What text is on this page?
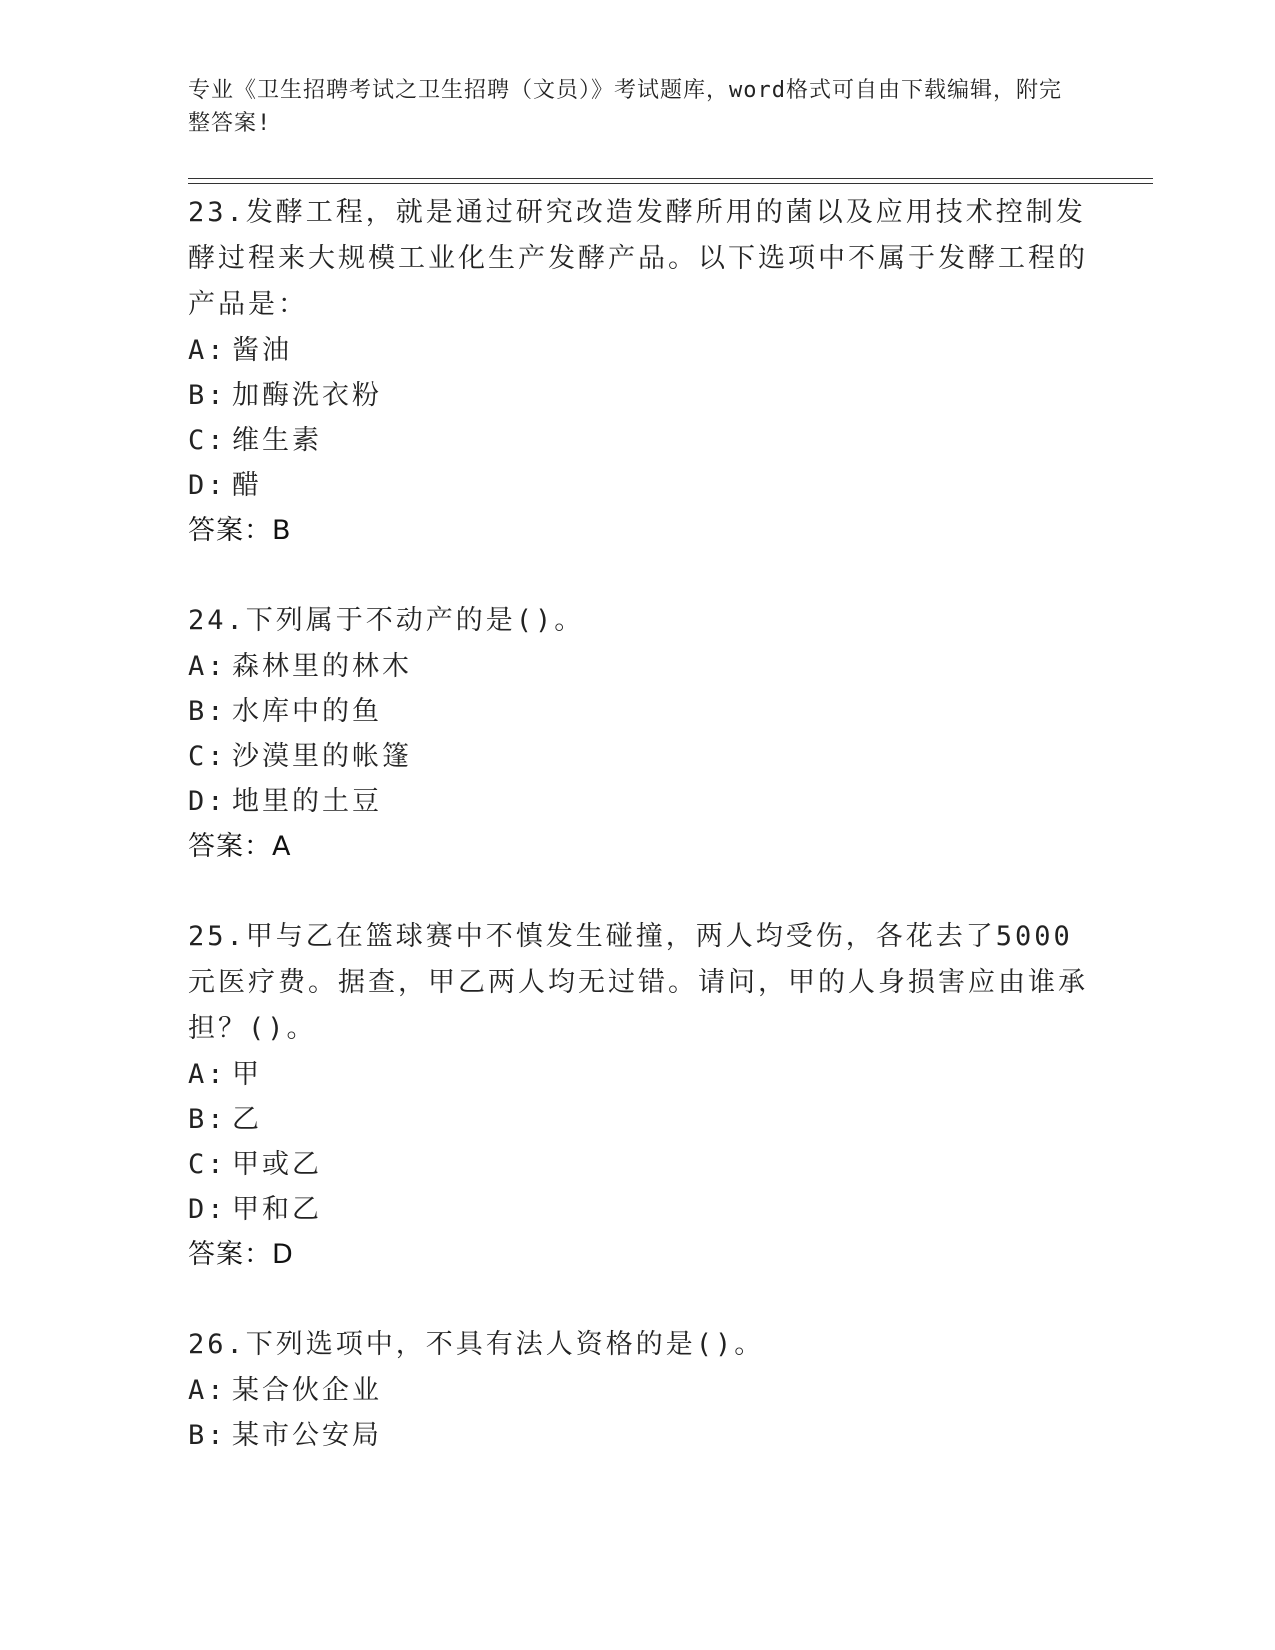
专业《卫生招聘考试之卫生招聘（文员）》考试题库，word格式可自由下载编辑，附完整答案!

23.发酵工程，就是通过研究改造发酵所用的菌以及应用技术控制发酵过程来大规模工业化生产发酵产品。以下选项中不属于发酵工程的产品是：

A: 酱油

B: 加酶洗衣粉

C: 维生素

D: 醋

答案：B

24.下列属于不动产的是()。

A: 森林里的林木

B: 水库中的鱼

C: 沙漠里的帐篷

D: 地里的土豆

答案：A

25.甲与乙在篮球赛中不慎发生碰撞，两人均受伤，各花去了5000元医疗费。据查，甲乙两人均无过错。请问，甲的人身损害应由谁承担？()。

A: 甲

B: 乙

C: 甲或乙

D: 甲和乙

答案：D

26.下列选项中，不具有法人资格的是()。

A: 某合伙企业

B: 某市公安局
